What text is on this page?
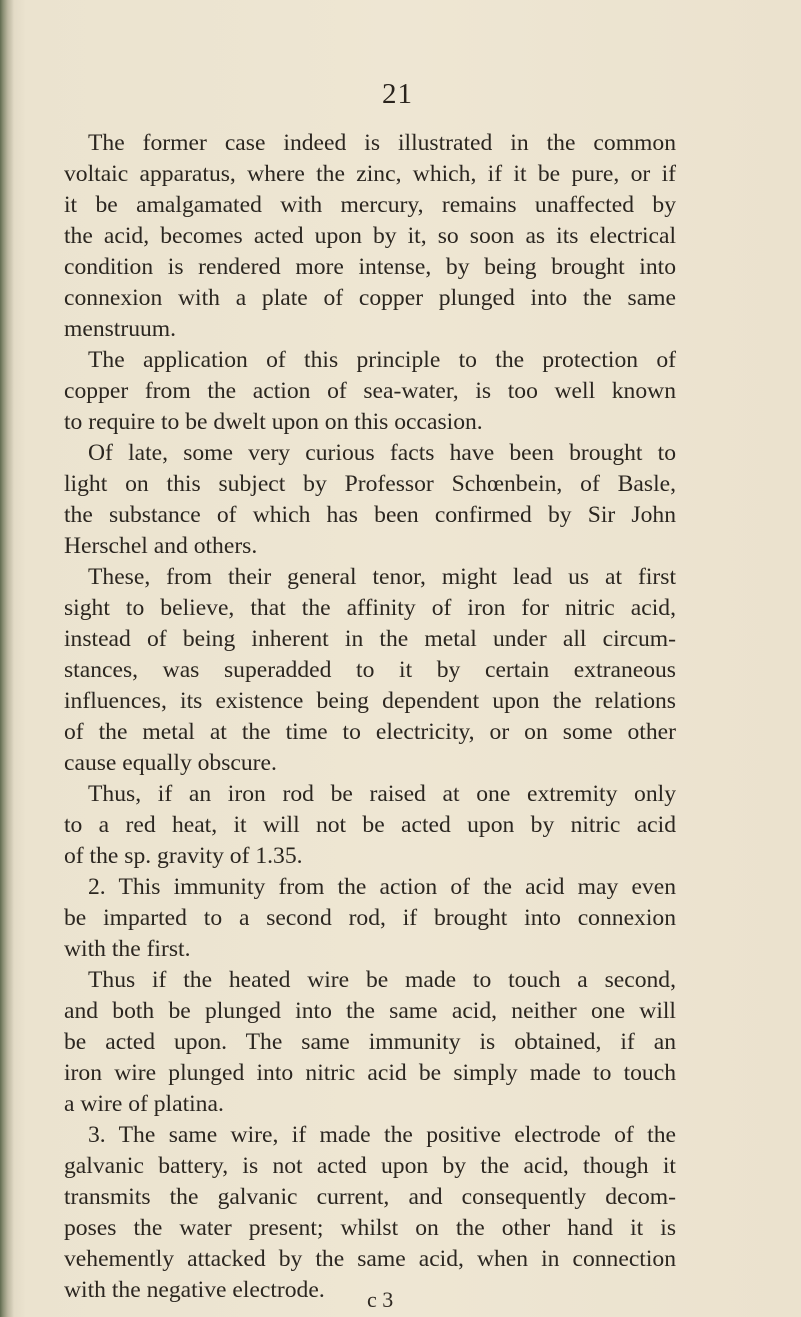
21
The former case indeed is illustrated in the common
voltaic apparatus, where the zinc, which, if it be pure, or if
it be amalgamated with mercury, remains unaffected by
the acid, becomes acted upon by it, so soon as its electrical
condition is rendered more intense, by being brought into
connexion with a plate of copper plunged into the same
menstruum.
The application of this principle to the protection of
copper from the action of sea-water, is too well known
to require to be dwelt upon on this occasion.
Of late, some very curious facts have been brought to
light on this subject by Professor Schœnbein, of Basle,
the substance of which has been confirmed by Sir John
Herschel and others.
These, from their general tenor, might lead us at first
sight to believe, that the affinity of iron for nitric acid,
instead of being inherent in the metal under all circum-
stances, was superadded to it by certain extraneous
influences, its existence being dependent upon the relations
of the metal at the time to electricity, or on some other
cause equally obscure.
Thus, if an iron rod be raised at one extremity only
to a red heat, it will not be acted upon by nitric acid
of the sp. gravity of 1.35.
2. This immunity from the action of the acid may even
be imparted to a second rod, if brought into connexion
with the first.
Thus if the heated wire be made to touch a second,
and both be plunged into the same acid, neither one will
be acted upon. The same immunity is obtained, if an
iron wire plunged into nitric acid be simply made to touch
a wire of platina.
3. The same wire, if made the positive electrode of the
galvanic battery, is not acted upon by the acid, though it
transmits the galvanic current, and consequently decom-
poses the water present; whilst on the other hand it is
vehemently attacked by the same acid, when in connection
with the negative electrode.	c 3
